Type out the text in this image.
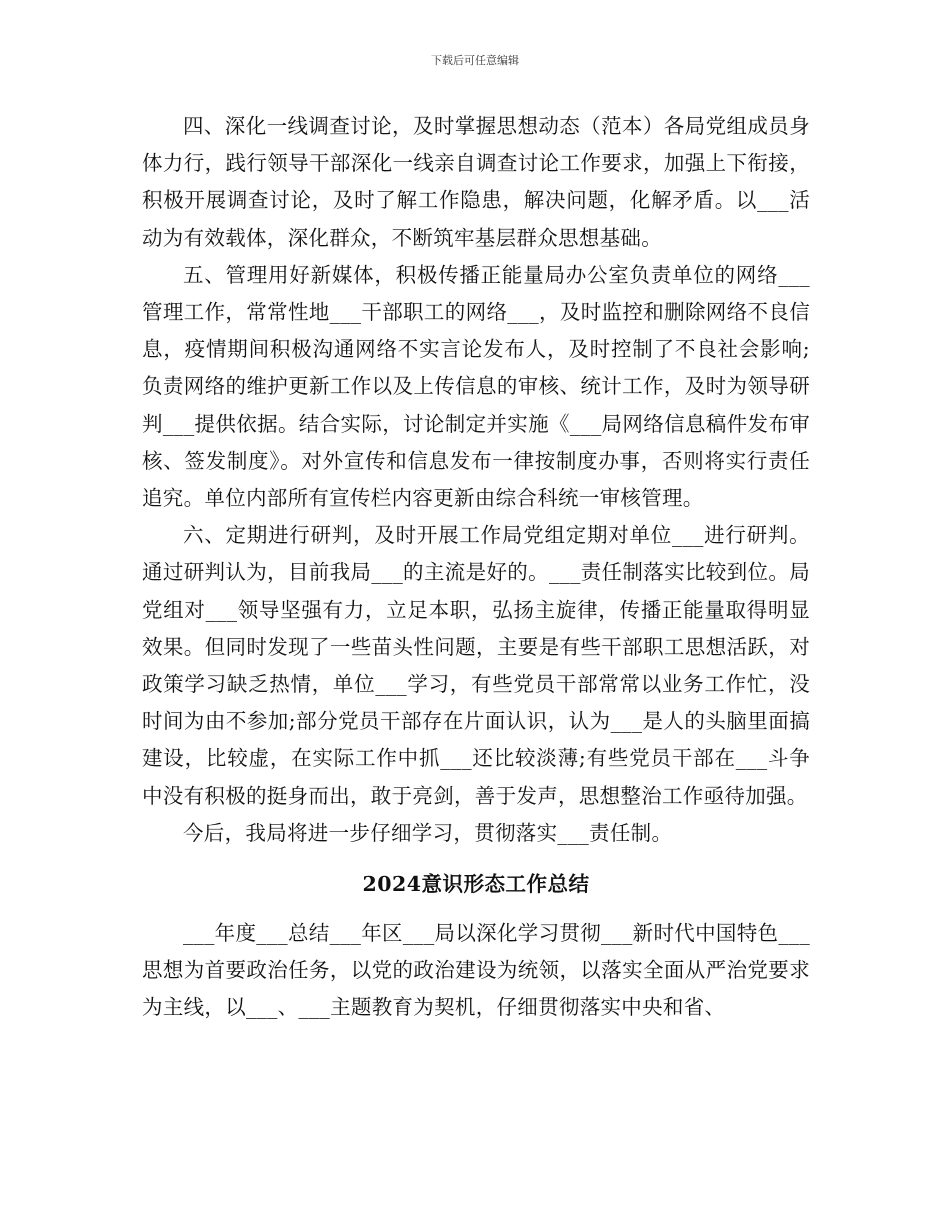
下载后可任意编辑

四、深化一线调查讨论，及时掌握思想动态（范本）各局党组成员身体力行，践行领导干部深化一线亲自调查讨论工作要求，加强上下衔接，积极开展调查讨论，及时了解工作隐患，解决问题，化解矛盾。以___活动为有效载体，深化群众，不断筑牢基层群众思想基础。

五、管理用好新媒体，积极传播正能量局办公室负责单位的网络___管理工作，常常性地___干部职工的网络___，及时监控和删除网络不良信息，疫情期间积极沟通网络不实言论发布人，及时控制了不良社会影响;负责网络的维护更新工作以及上传信息的审核、统计工作，及时为领导研判___提供依据。结合实际，讨论制定并实施《___局网络信息稿件发布审核、签发制度》。对外宣传和信息发布一律按制度办事，否则将实行责任追究。单位内部所有宣传栏内容更新由综合科统一审核管理。

六、定期进行研判，及时开展工作局党组定期对单位___进行研判。通过研判认为，目前我局___的主流是好的。___责任制落实比较到位。局党组对___领导坚强有力，立足本职，弘扬主旋律，传播正能量取得明显效果。但同时发现了一些苗头性问题，主要是有些干部职工思想活跃，对政策学习缺乏热情，单位___学习，有些党员干部常常以业务工作忙，没时间为由不参加;部分党员干部存在片面认识，认为___是人的头脑里面搞建设，比较虚，在实际工作中抓___还比较淡薄;有些党员干部在___斗争中没有积极的挺身而出，敢于亮剑，善于发声，思想整治工作亟待加强。

今后，我局将进一步仔细学习，贯彻落实___责任制。

2024意识形态工作总结

___年度___总结___年区___局以深化学习贯彻___新时代中国特色___思想为首要政治任务，以党的政治建设为统领，以落实全面从严治党要求为主线，以___、___主题教育为契机，仔细贯彻落实中央和省、
